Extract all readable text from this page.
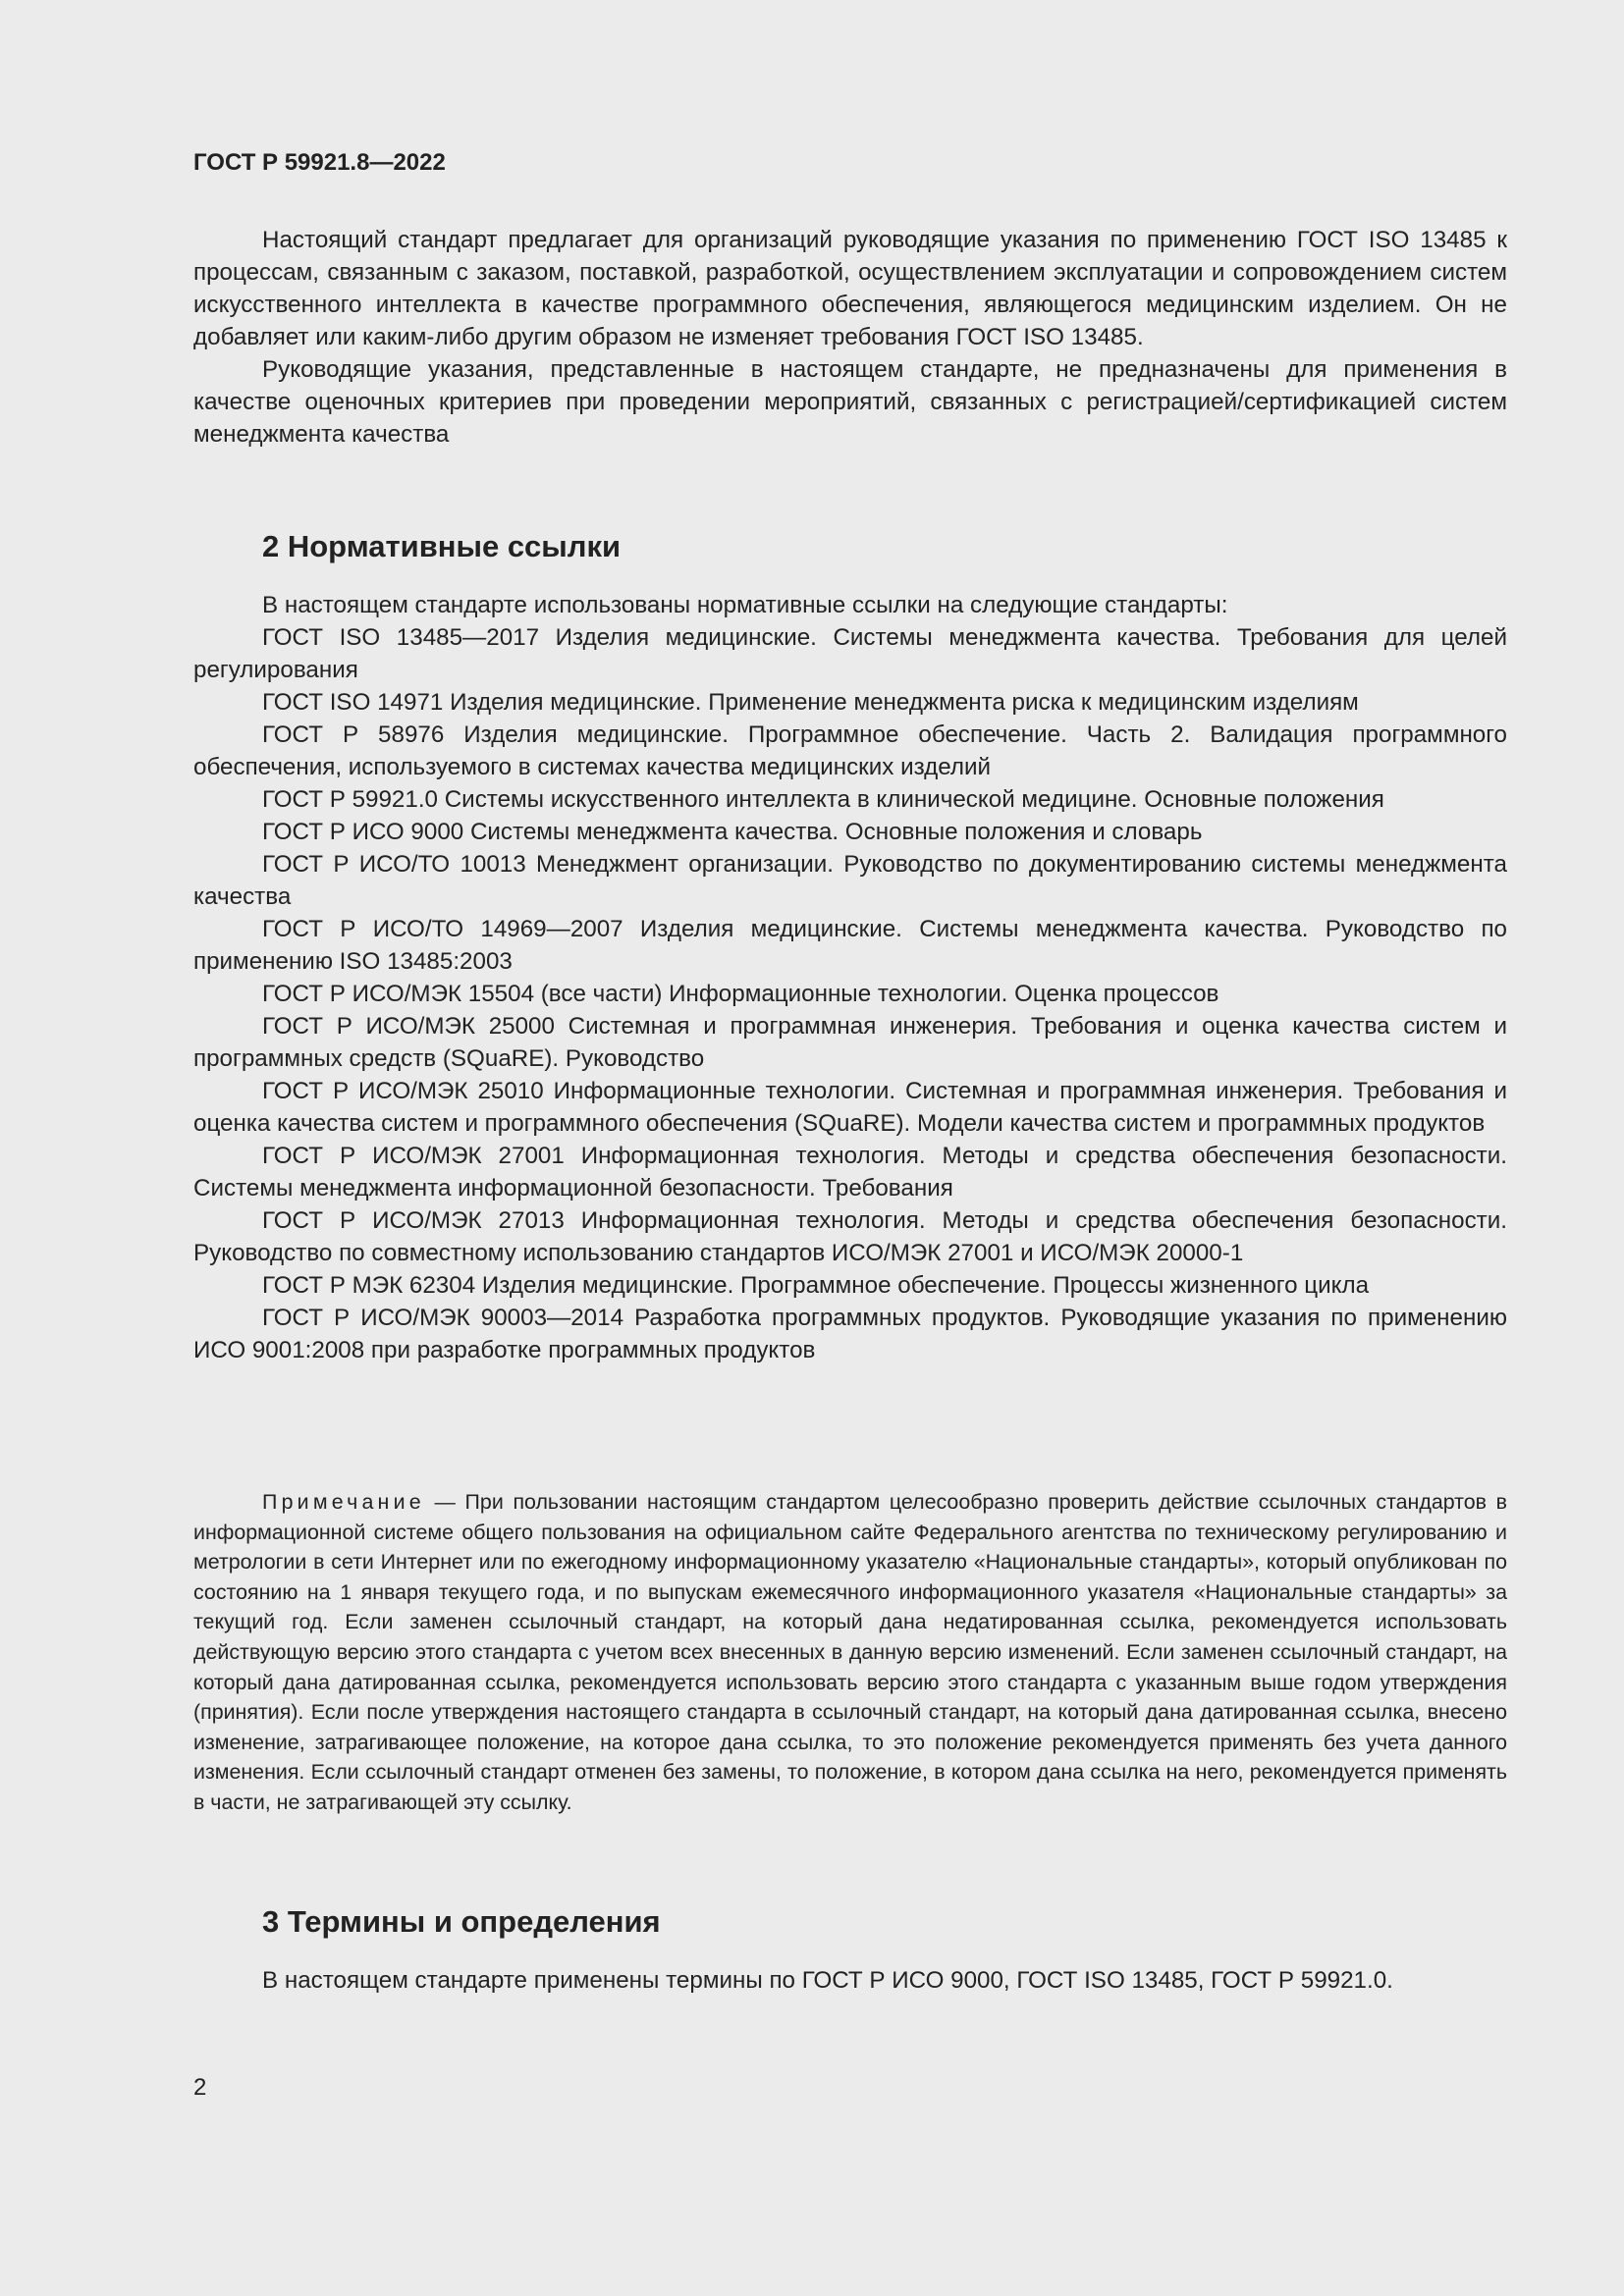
ГОСТ Р 59921.8—2022

Настоящий стандарт предлагает для организаций руководящие указания по применению ГОСТ ISO 13485 к процессам, связанным с заказом, поставкой, разработкой, осуществлением эксплуатации и сопровождением систем искусственного интеллекта в качестве программного обеспечения, являющегося медицинским изделием. Он не добавляет или каким-либо другим образом не изменяет требования ГОСТ ISO 13485.

Руководящие указания, представленные в настоящем стандарте, не предназначены для применения в качестве оценочных критериев при проведении мероприятий, связанных с регистрацией/сертификацией систем менеджмента качества

2 Нормативные ссылки

В настоящем стандарте использованы нормативные ссылки на следующие стандарты:

ГОСТ ISO 13485—2017 Изделия медицинские. Системы менеджмента качества. Требования для целей регулирования

ГОСТ ISO 14971 Изделия медицинские. Применение менеджмента риска к медицинским изделиям

ГОСТ Р 58976 Изделия медицинские. Программное обеспечение. Часть 2. Валидация программного обеспечения, используемого в системах качества медицинских изделий

ГОСТ Р 59921.0 Системы искусственного интеллекта в клинической медицине. Основные положения

ГОСТ Р ИСО 9000 Системы менеджмента качества. Основные положения и словарь

ГОСТ Р ИСО/ТО 10013 Менеджмент организации. Руководство по документированию системы менеджмента качества

ГОСТ Р ИСО/ТО 14969—2007 Изделия медицинские. Системы менеджмента качества. Руководство по применению ISO 13485:2003

ГОСТ Р ИСО/МЭК 15504 (все части) Информационные технологии. Оценка процессов

ГОСТ Р ИСО/МЭК 25000 Системная и программная инженерия. Требования и оценка качества систем и программных средств (SQuaRE). Руководство

ГОСТ Р ИСО/МЭК 25010 Информационные технологии. Системная и программная инженерия. Требования и оценка качества систем и программного обеспечения (SQuaRE). Модели качества систем и программных продуктов

ГОСТ Р ИСО/МЭК 27001 Информационная технология. Методы и средства обеспечения безопасности. Системы менеджмента информационной безопасности. Требования

ГОСТ Р ИСО/МЭК 27013 Информационная технология. Методы и средства обеспечения безопасности. Руководство по совместному использованию стандартов ИСО/МЭК 27001 и ИСО/МЭК 20000-1

ГОСТ Р МЭК 62304 Изделия медицинские. Программное обеспечение. Процессы жизненного цикла

ГОСТ Р ИСО/МЭК 90003—2014 Разработка программных продуктов. Руководящие указания по применению ИСО 9001:2008 при разработке программных продуктов

Примечание — При пользовании настоящим стандартом целесообразно проверить действие ссылочных стандартов в информационной системе общего пользования на официальном сайте Федерального агентства по техническому регулированию и метрологии в сети Интернет или по ежегодному информационному указателю «Национальные стандарты», который опубликован по состоянию на 1 января текущего года, и по выпускам ежемесячного информационного указателя «Национальные стандарты» за текущий год. Если заменен ссылочный стандарт, на который дана недатированная ссылка, рекомендуется использовать действующую версию этого стандарта с учетом всех внесенных в данную версию изменений. Если заменен ссылочный стандарт, на который дана датированная ссылка, рекомендуется использовать версию этого стандарта с указанным выше годом утверждения (принятия). Если после утверждения настоящего стандарта в ссылочный стандарт, на который дана датированная ссылка, внесено изменение, затрагивающее положение, на которое дана ссылка, то это положение рекомендуется применять без учета данного изменения. Если ссылочный стандарт отменен без замены, то положение, в котором дана ссылка на него, рекомендуется применять в части, не затрагивающей эту ссылку.

3 Термины и определения

В настоящем стандарте применены термины по ГОСТ Р ИСО 9000, ГОСТ ISO 13485, ГОСТ Р 59921.0.

2
